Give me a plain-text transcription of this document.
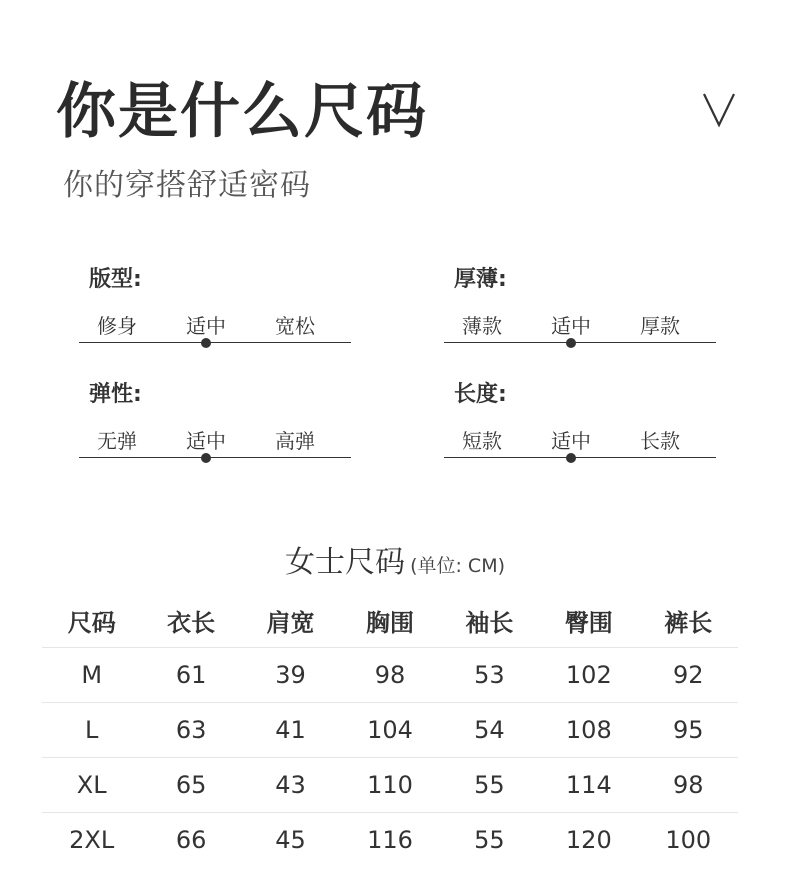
你是什么尺码
你的穿搭舒适密码
版型:
修身	适中	宽松
厚薄:
薄款	适中	厚款
弹性:
无弹	适中	高弹
长度:
短款	适中	长款
女士尺码 (单位: CM)
尺码	衣长	肩宽	胸围	袖长	臀围	裤长
M	61	39	98	53	102	92
L	63	41	104	54	108	95
XL	65	43	110	55	114	98
2XL	66	45	116	55	120	100
